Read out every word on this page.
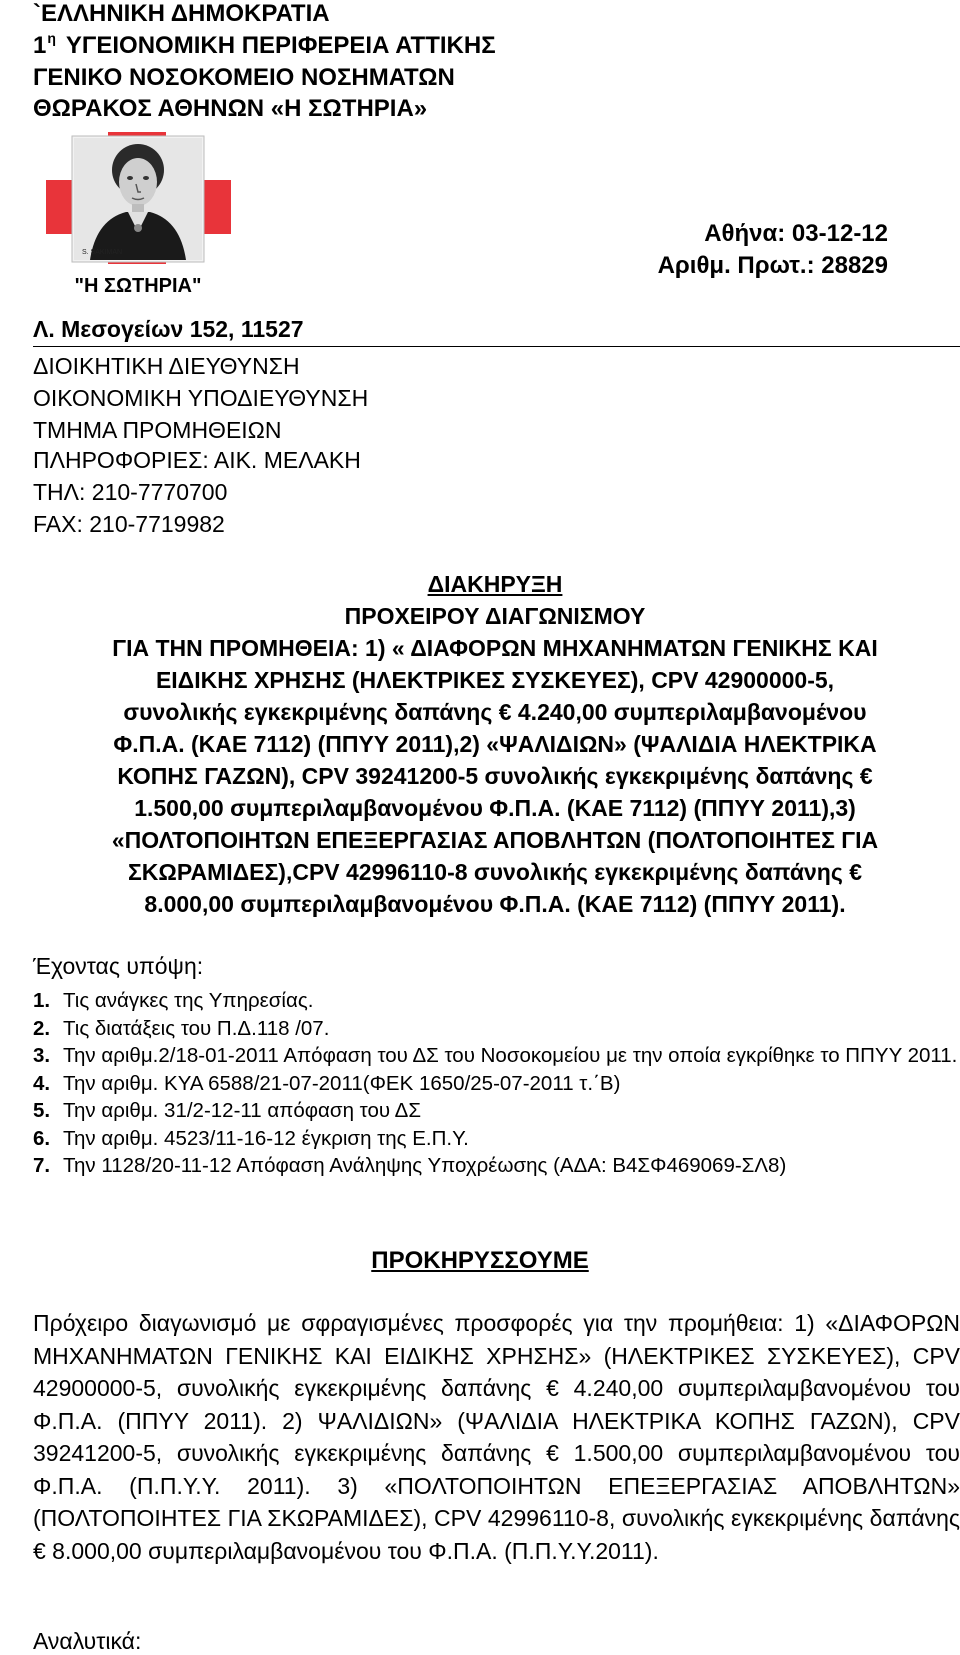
`ΕΛΛΗΝΙΚΗ ΔΗΜΟΚΡΑΤΙΑ
$1^\eta$ ΥΓΕΙΟΝΟΜΙΚΗ ΠΕΡΙΦΕΡΕΙΑ ΑΤΤΙΚΗΣ
ΓΕΝΙΚΟ ΝΟΣΟΚΟΜΕΙΟ ΝΟΣΗΜΑΤΩΝ
ΘΩΡΑΚΟΣ ΑΘΗΝΩΝ «Η ΣΩΤΗΡΙΑ»
S. SAKIMAN
"Η ΣΩΤΗΡΙΑ"
Αθήνα: 03-12-12
Αριθμ. Πρωτ.: 28829
Λ. Μεσογείων 152, 11527
ΔΙΟΙΚΗΤΙΚΗ ΔΙΕΥΘΥΝΣΗ
ΟΙΚΟΝΟΜΙΚΗ ΥΠΟΔΙΕΥΘΥΝΣΗ
ΤΜΗΜΑ ΠΡΟΜΗΘΕΙΩΝ
ΠΛΗΡΟΦΟΡΙΕΣ: ΑΙΚ. ΜΕΛΑΚΗ
ΤΗΛ: 210-7770700
FAX: 210-7719982
ΔΙΑΚΗΡΥΞΗ
ΠΡΟΧΕΙΡΟΥ ΔΙΑΓΩΝΙΣΜΟΥ
ΓΙΑ ΤΗΝ ΠΡΟΜΗΘΕΙΑ: 1) « ΔΙΑΦΟΡΩΝ ΜΗΧΑΝΗΜΑΤΩΝ ΓΕΝΙΚΗΣ ΚΑΙ
ΕΙΔΙΚΗΣ ΧΡΗΣΗΣ (ΗΛΕΚΤΡΙΚΕΣ ΣΥΣΚΕΥΕΣ), CPV 42900000-5,
συνολικής εγκεκριμένης δαπάνης € 4.240,00 συμπεριλαμβανομένου
Φ.Π.Α. (ΚΑΕ 7112) (ΠΠΥΥ 2011),2) «ΨΑΛΙΔΙΩΝ» (ΨΑΛΙΔΙΑ ΗΛΕΚΤΡΙΚΑ
ΚΟΠΗΣ ΓΑΖΩΝ), CPV 39241200-5 συνολικής εγκεκριμένης δαπάνης €
1.500,00 συμπεριλαμβανομένου Φ.Π.Α. (ΚΑΕ 7112) (ΠΠΥΥ 2011),3)
«ΠΟΛΤΟΠΟΙΗΤΩΝ ΕΠΕΞΕΡΓΑΣΙΑΣ ΑΠΟΒΛΗΤΩΝ (ΠΟΛΤΟΠΟΙΗΤΕΣ ΓΙΑ
ΣΚΩΡΑΜΙΔΕΣ),CPV 42996110-8 συνολικής εγκεκριμένης δαπάνης €
8.000,00 συμπεριλαμβανομένου Φ.Π.Α. (ΚΑΕ 7112) (ΠΠΥΥ 2011).
Έχοντας υπόψη:
1. Τις ανάγκες της Υπηρεσίας.
2. Τις διατάξεις του Π.Δ.118 /07.
3. Την αριθμ.2/18-01-2011 Απόφαση του ΔΣ του Νοσοκομείου με την οποία εγκρίθηκε το ΠΠΥΥ 2011.
4. Την αριθμ. ΚΥΑ 6588/21-07-2011(ΦΕΚ 1650/25-07-2011 τ.΄Β)
5. Την αριθμ. 31/2-12-11 απόφαση του ΔΣ
6. Την αριθμ. 4523/11-16-12 έγκριση της Ε.Π.Υ.
7. Την 1128/20-11-12 Απόφαση Ανάληψης Υποχρέωσης (ΑΔΑ: Β4ΣΦ469069-ΣΛ8)
ΠΡΟΚΗΡΥΣΣΟΥΜΕ
Πρόχειρο διαγωνισμό με σφραγισμένες προσφορές για την προμήθεια: 1) «ΔΙΑΦΟΡΩΝ ΜΗΧΑΝΗΜΑΤΩΝ ΓΕΝΙΚΗΣ ΚΑΙ ΕΙΔΙΚΗΣ ΧΡΗΣΗΣ» (ΗΛΕΚΤΡΙΚΕΣ ΣΥΣΚΕΥΕΣ), CPV 42900000-5, συνολικής εγκεκριμένης δαπάνης € 4.240,00 συμπεριλαμβανομένου του Φ.Π.Α. (ΠΠΥΥ 2011). 2) ΨΑΛΙΔΙΩΝ» (ΨΑΛΙΔΙΑ ΗΛΕΚΤΡΙΚΑ ΚΟΠΗΣ ΓΑΖΩΝ), CPV 39241200-5, συνολικής εγκεκριμένης δαπάνης € 1.500,00 συμπεριλαμβανομένου του Φ.Π.Α. (Π.Π.Υ.Υ. 2011). 3) «ΠΟΛΤΟΠΟΙΗΤΩΝ ΕΠΕΞΕΡΓΑΣΙΑΣ ΑΠΟΒΛΗΤΩΝ» (ΠΟΛΤΟΠΟΙΗΤΕΣ ΓΙΑ ΣΚΩΡΑΜΙΔΕΣ), CPV 42996110-8, συνολικής εγκεκριμένης δαπάνης € 8.000,00 συμπεριλαμβανομένου του Φ.Π.Α. (Π.Π.Υ.Υ.2011).
Αναλυτικά:
